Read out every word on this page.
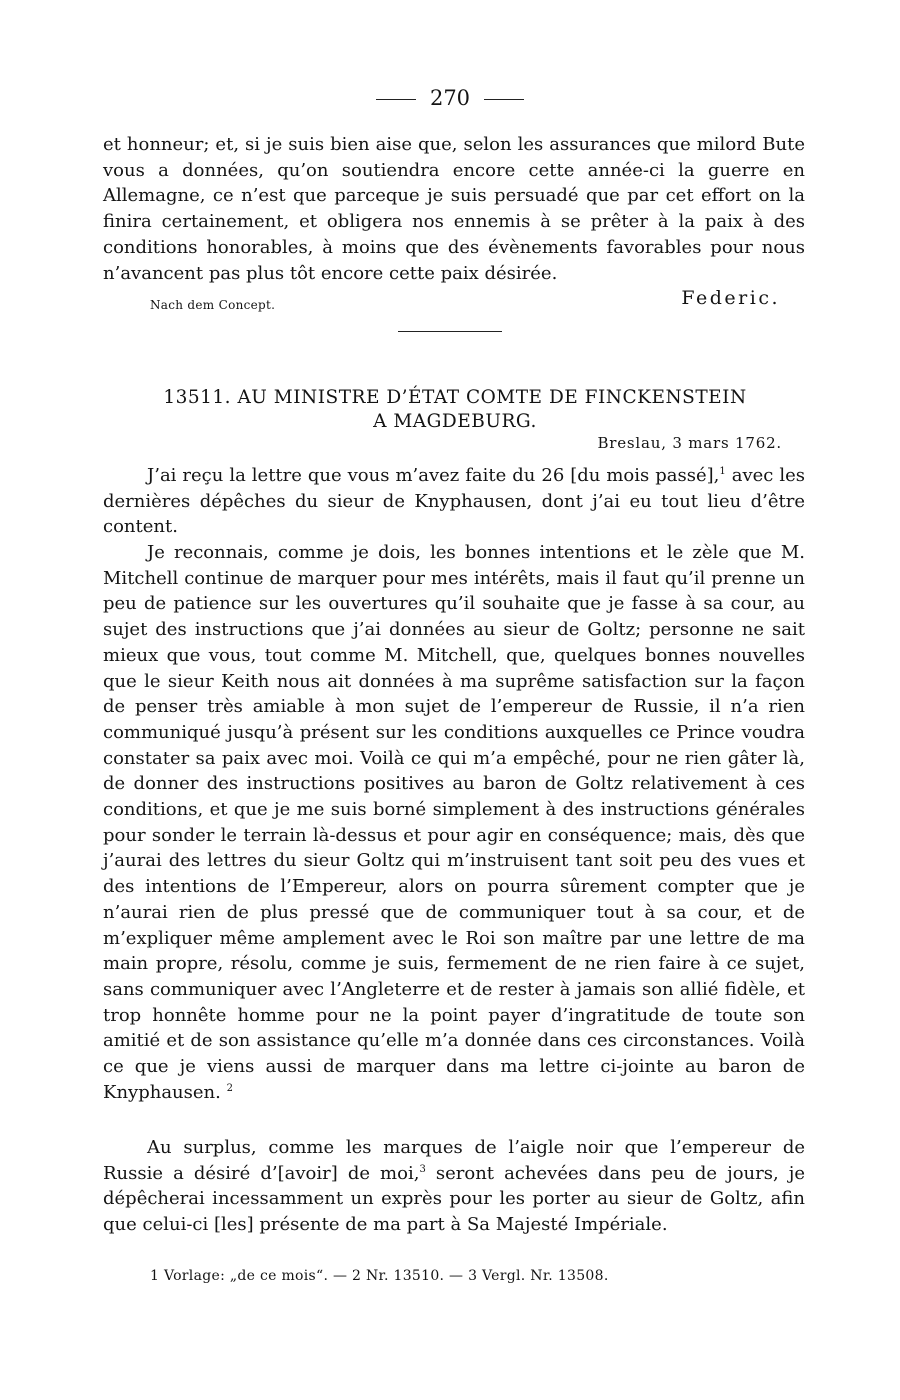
270
et honneur; et, si je suis bien aise que, selon les assurances que milord Bute vous a données, qu’on soutiendra encore cette année-ci la guerre en Allemagne, ce n’est que parceque je suis persuadé que par cet effort on la finira certainement, et obligera nos ennemis à se prêter à la paix à des conditions honorables, à moins que des évènements favorables pour nous n’avancent pas plus tôt encore cette paix désirée.
Nach dem Concept.	Federic.
13511. AU MINISTRE D’ÉTAT COMTE DE FINCKENSTEIN
A MAGDEBURG.
Breslau, 3 mars 1762.
J’ai reçu la lettre que vous m’avez faite du 26 [du mois passé],$^1$ avec les dernières dépêches du sieur de Knyphausen, dont j’ai eu tout lieu d’être content.
Je reconnais, comme je dois, les bonnes intentions et le zèle que M. Mitchell continue de marquer pour mes intérêts, mais il faut qu’il prenne un peu de patience sur les ouvertures qu’il souhaite que je fasse à sa cour, au sujet des instructions que j’ai données au sieur de Goltz; personne ne sait mieux que vous, tout comme M. Mitchell, que, quelques bonnes nouvelles que le sieur Keith nous ait données à ma suprême satisfaction sur la façon de penser très amiable à mon sujet de l’empereur de Russie, il n’a rien communiqué jusqu’à présent sur les conditions auxquelles ce Prince voudra constater sa paix avec moi. Voilà ce qui m’a empêché, pour ne rien gâter là, de donner des instructions positives au baron de Goltz relativement à ces conditions, et que je me suis borné simplement à des instructions générales pour sonder le terrain là-dessus et pour agir en conséquence; mais, dès que j’aurai des lettres du sieur Goltz qui m’instruisent tant soit peu des vues et des intentions de l’Empereur, alors on pourra sûrement compter que je n’aurai rien de plus pressé que de communiquer tout à sa cour, et de m’expliquer même amplement avec le Roi son maître par une lettre de ma main propre, résolu, comme je suis, fermement de ne rien faire à ce sujet, sans communiquer avec l’Angleterre et de rester à jamais son allié fidèle, et trop honnête homme pour ne la point payer d’ingratitude de toute son amitié et de son assistance qu’elle m’a donnée dans ces circonstances. Voilà ce que je viens aussi de marquer dans ma lettre ci-jointe au baron de Knyphausen. $^2$
Au surplus, comme les marques de l’aigle noir que l’empereur de Russie a désiré d’[avoir] de moi,$^3$ seront achevées dans peu de jours, je dépêcherai incessamment un exprès pour les porter au sieur de Goltz, afin que celui-ci [les] présente de ma part à Sa Majesté Impériale.
1 Vorlage: „de ce mois“. — 2 Nr. 13510. — 3 Vergl. Nr. 13508.
